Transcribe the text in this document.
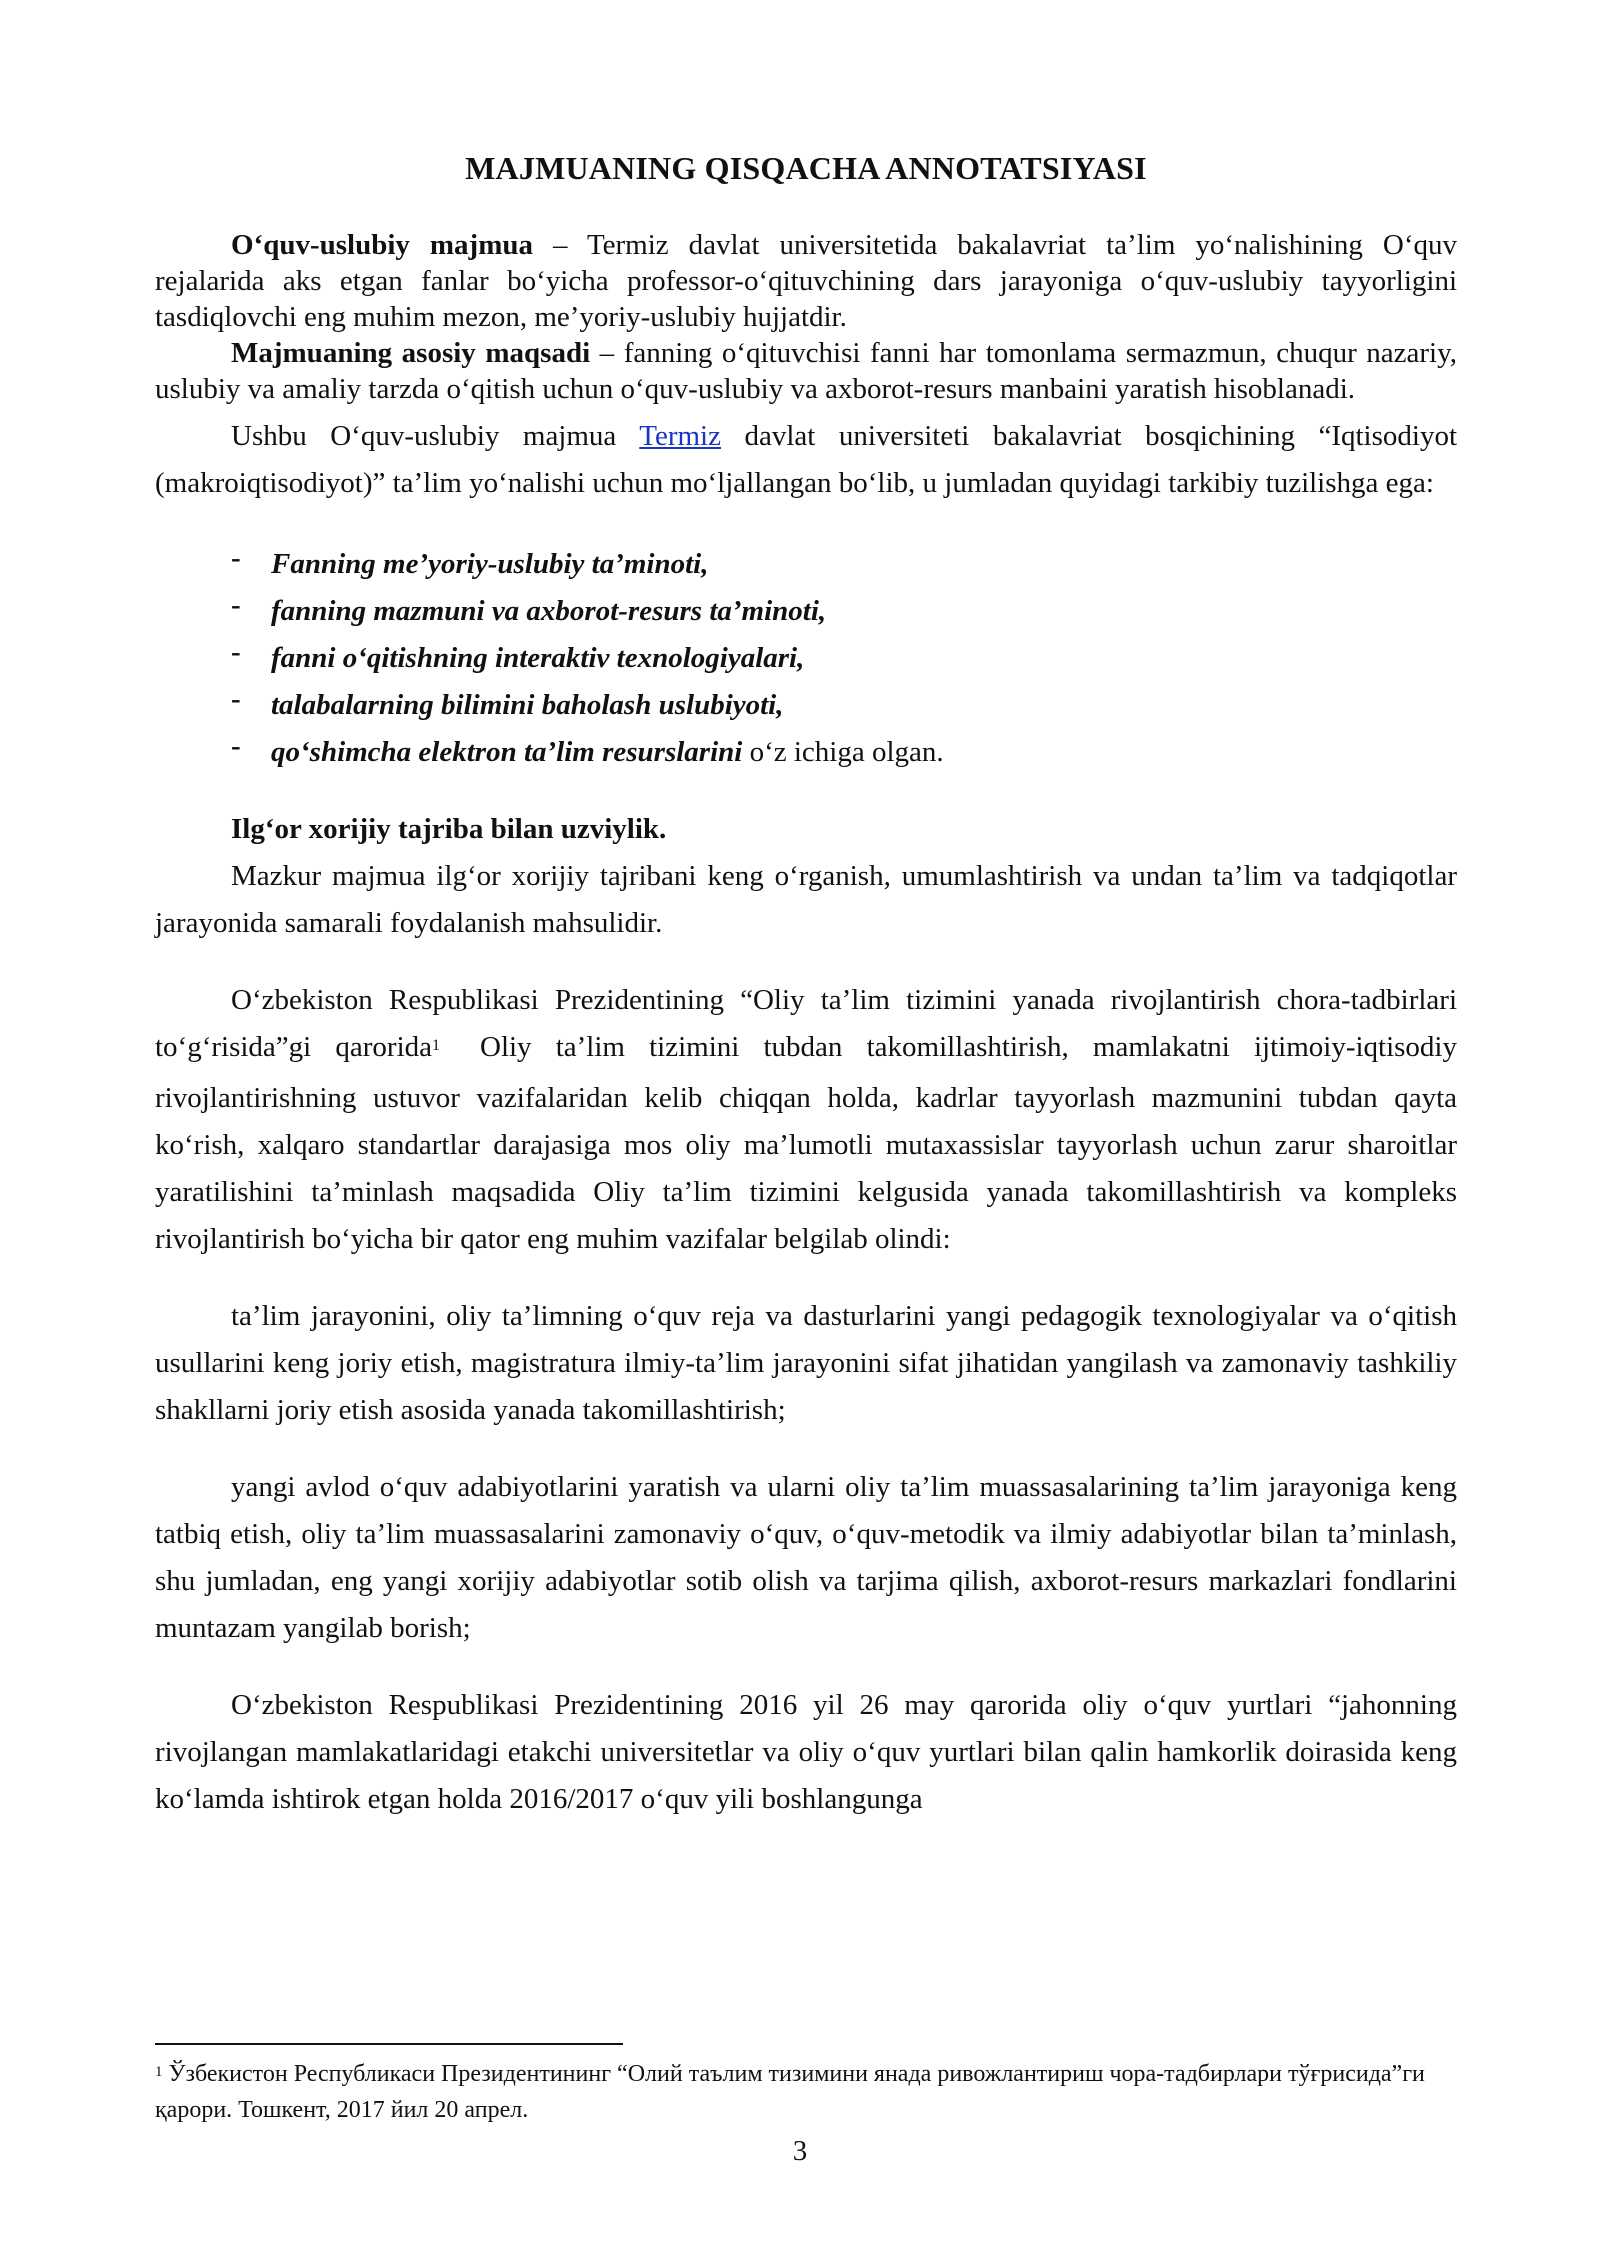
MAJMUANING QISQACHA ANNOTATSIYASI

O‘quv-uslubiy majmua – Termiz davlat universitetida bakalavriat ta’lim yo‘nalishining O‘quv rejalarida aks etgan fanlar bo‘yicha professor-o‘qituvchining dars jarayoniga o‘quv-uslubiy tayyorligini tasdiqlovchi eng muhim mezon, me’yoriy-uslubiy hujjatdir.

Majmuaning asosiy maqsadi – fanning o‘qituvchisi fanni har tomonlama sermazmun, chuqur nazariy, uslubiy va amaliy tarzda o‘qitish uchun o‘quv-uslubiy va axborot-resurs manbaini yaratish hisoblanadi.

Ushbu O‘quv-uslubiy majmua Termiz davlat universiteti bakalavriat bosqichining “Iqtisodiyot (makroiqtisodiyot)” ta’lim yo‘nalishi uchun mo‘ljallangan bo‘lib, u jumladan quyidagi tarkibiy tuzilishga ega:

- Fanning me’yoriy-uslubiy ta’minoti,
- fanning mazmuni va axborot-resurs ta’minoti,
- fanni o‘qitishning interaktiv texnologiyalari,
- talabalarning bilimini baholash uslubiyoti,
- qo‘shimcha elektron ta’lim resurslarini o‘z ichiga olgan.

Ilg‘or xorijiy tajriba bilan uzviylik.

Mazkur majmua ilg‘or xorijiy tajribani keng o‘rganish, umumlashtirish va undan ta’lim va tadqiqotlar jarayonida samarali foydalanish mahsulidir.

O‘zbekiston Respublikasi Prezidentining “Oliy ta’lim tizimini yanada rivojlantirish chora-tadbirlari to‘g‘risida”gi qarorida$^1$ Oliy ta’lim tizimini tubdan takomillashtirish, mamlakatni ijtimoiy-iqtisodiy rivojlantirishning ustuvor vazifalaridan kelib chiqqan holda, kadrlar tayyorlash mazmunini tubdan qayta ko‘rish, xalqaro standartlar darajasiga mos oliy ma’lumotli mutaxassislar tayyorlash uchun zarur sharoitlar yaratilishini ta’minlash maqsadida Oliy ta’lim tizimini kelgusida yanada takomillashtirish va kompleks rivojlantirish bo‘yicha bir qator eng muhim vazifalar belgilab olindi:

ta’lim jarayonini, oliy ta’limning o‘quv reja va dasturlarini yangi pedagogik texnologiyalar va o‘qitish usullarini keng joriy etish, magistratura ilmiy-ta’lim jarayonini sifat jihatidan yangilash va zamonaviy tashkiliy shakllarni joriy etish asosida yanada takomillashtirish;

yangi avlod o‘quv adabiyotlarini yaratish va ularni oliy ta’lim muassasalarining ta’lim jarayoniga keng tatbiq etish, oliy ta’lim muassasalarini zamonaviy o‘quv, o‘quv-metodik va ilmiy adabiyotlar bilan ta’minlash, shu jumladan, eng yangi xorijiy adabiyotlar sotib olish va tarjima qilish, axborot-resurs markazlari fondlarini muntazam yangilab borish;

O‘zbekiston Respublikasi Prezidentining 2016 yil 26 may qarorida oliy o‘quv yurtlari “jahonning rivojlangan mamlakatlaridagi etakchi universitetlar va oliy o‘quv yurtlari bilan qalin hamkorlik doirasida keng ko‘lamda ishtirok etgan holda 2016/2017 o‘quv yili boshlangunga

$^1$ Ўзбекистон Республикаси Президентининг “Олий таълим тизимини янада ривожлантириш чора-тадбирлари тўғрисида”ги қарори. Тошкент, 2017 йил 20 апрел.
3
